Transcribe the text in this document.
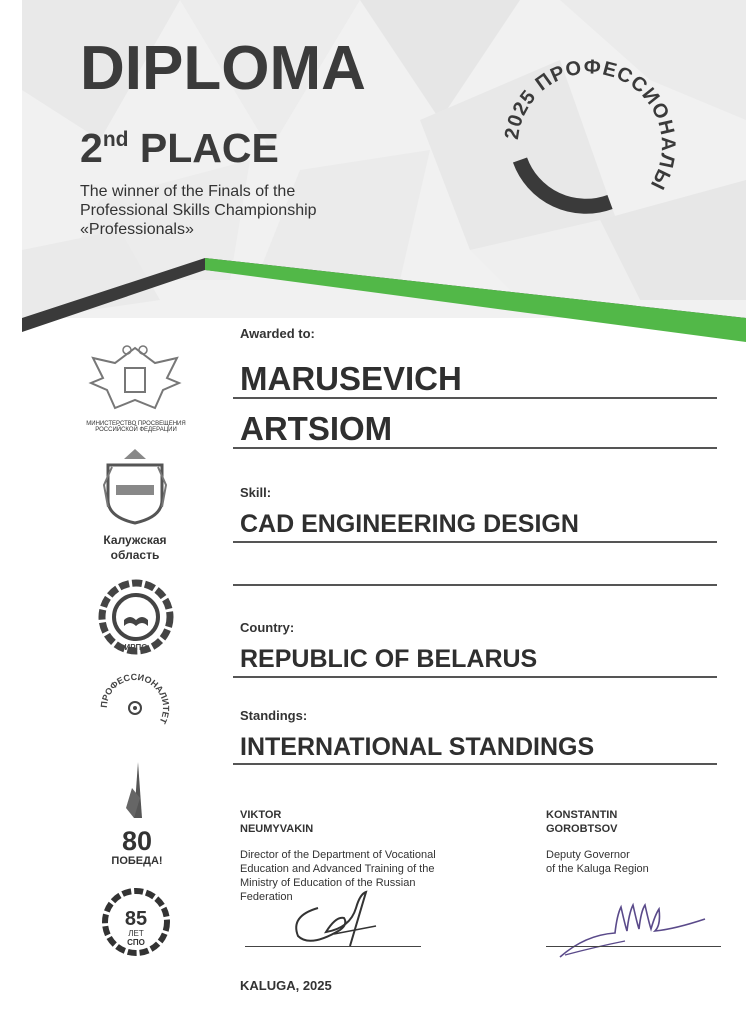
DIPLOMA
2nd PLACE
The winner of the Finals of the
Professional Skills Championship
«Professionals»
2025 ПРОФЕССИОНАЛЫ
МИНИСТЕРСТВО ПРОСВЕЩЕНИЯ
РОССИЙСКОЙ ФЕДЕРАЦИИ
Калужская
область
ИРПО
ПРОФЕССИОНАЛИТЕТ
80
ПОБЕДА!
85
ЛЕТ
СПО
Awarded to:
MARUSEVICH
ARTSIOM
Skill:
CAD ENGINEERING DESIGN
Country:
REPUBLIC OF BELARUS
Standings:
INTERNATIONAL STANDINGS
VIKTOR
NEUMYVAKIN
Director of the Department of Vocational
Education and Advanced Training of the
Ministry of Education of the Russian
Federation
KONSTANTIN
GOROBTSOV
Deputy Governor
of the Kaluga Region
KALUGA, 2025
